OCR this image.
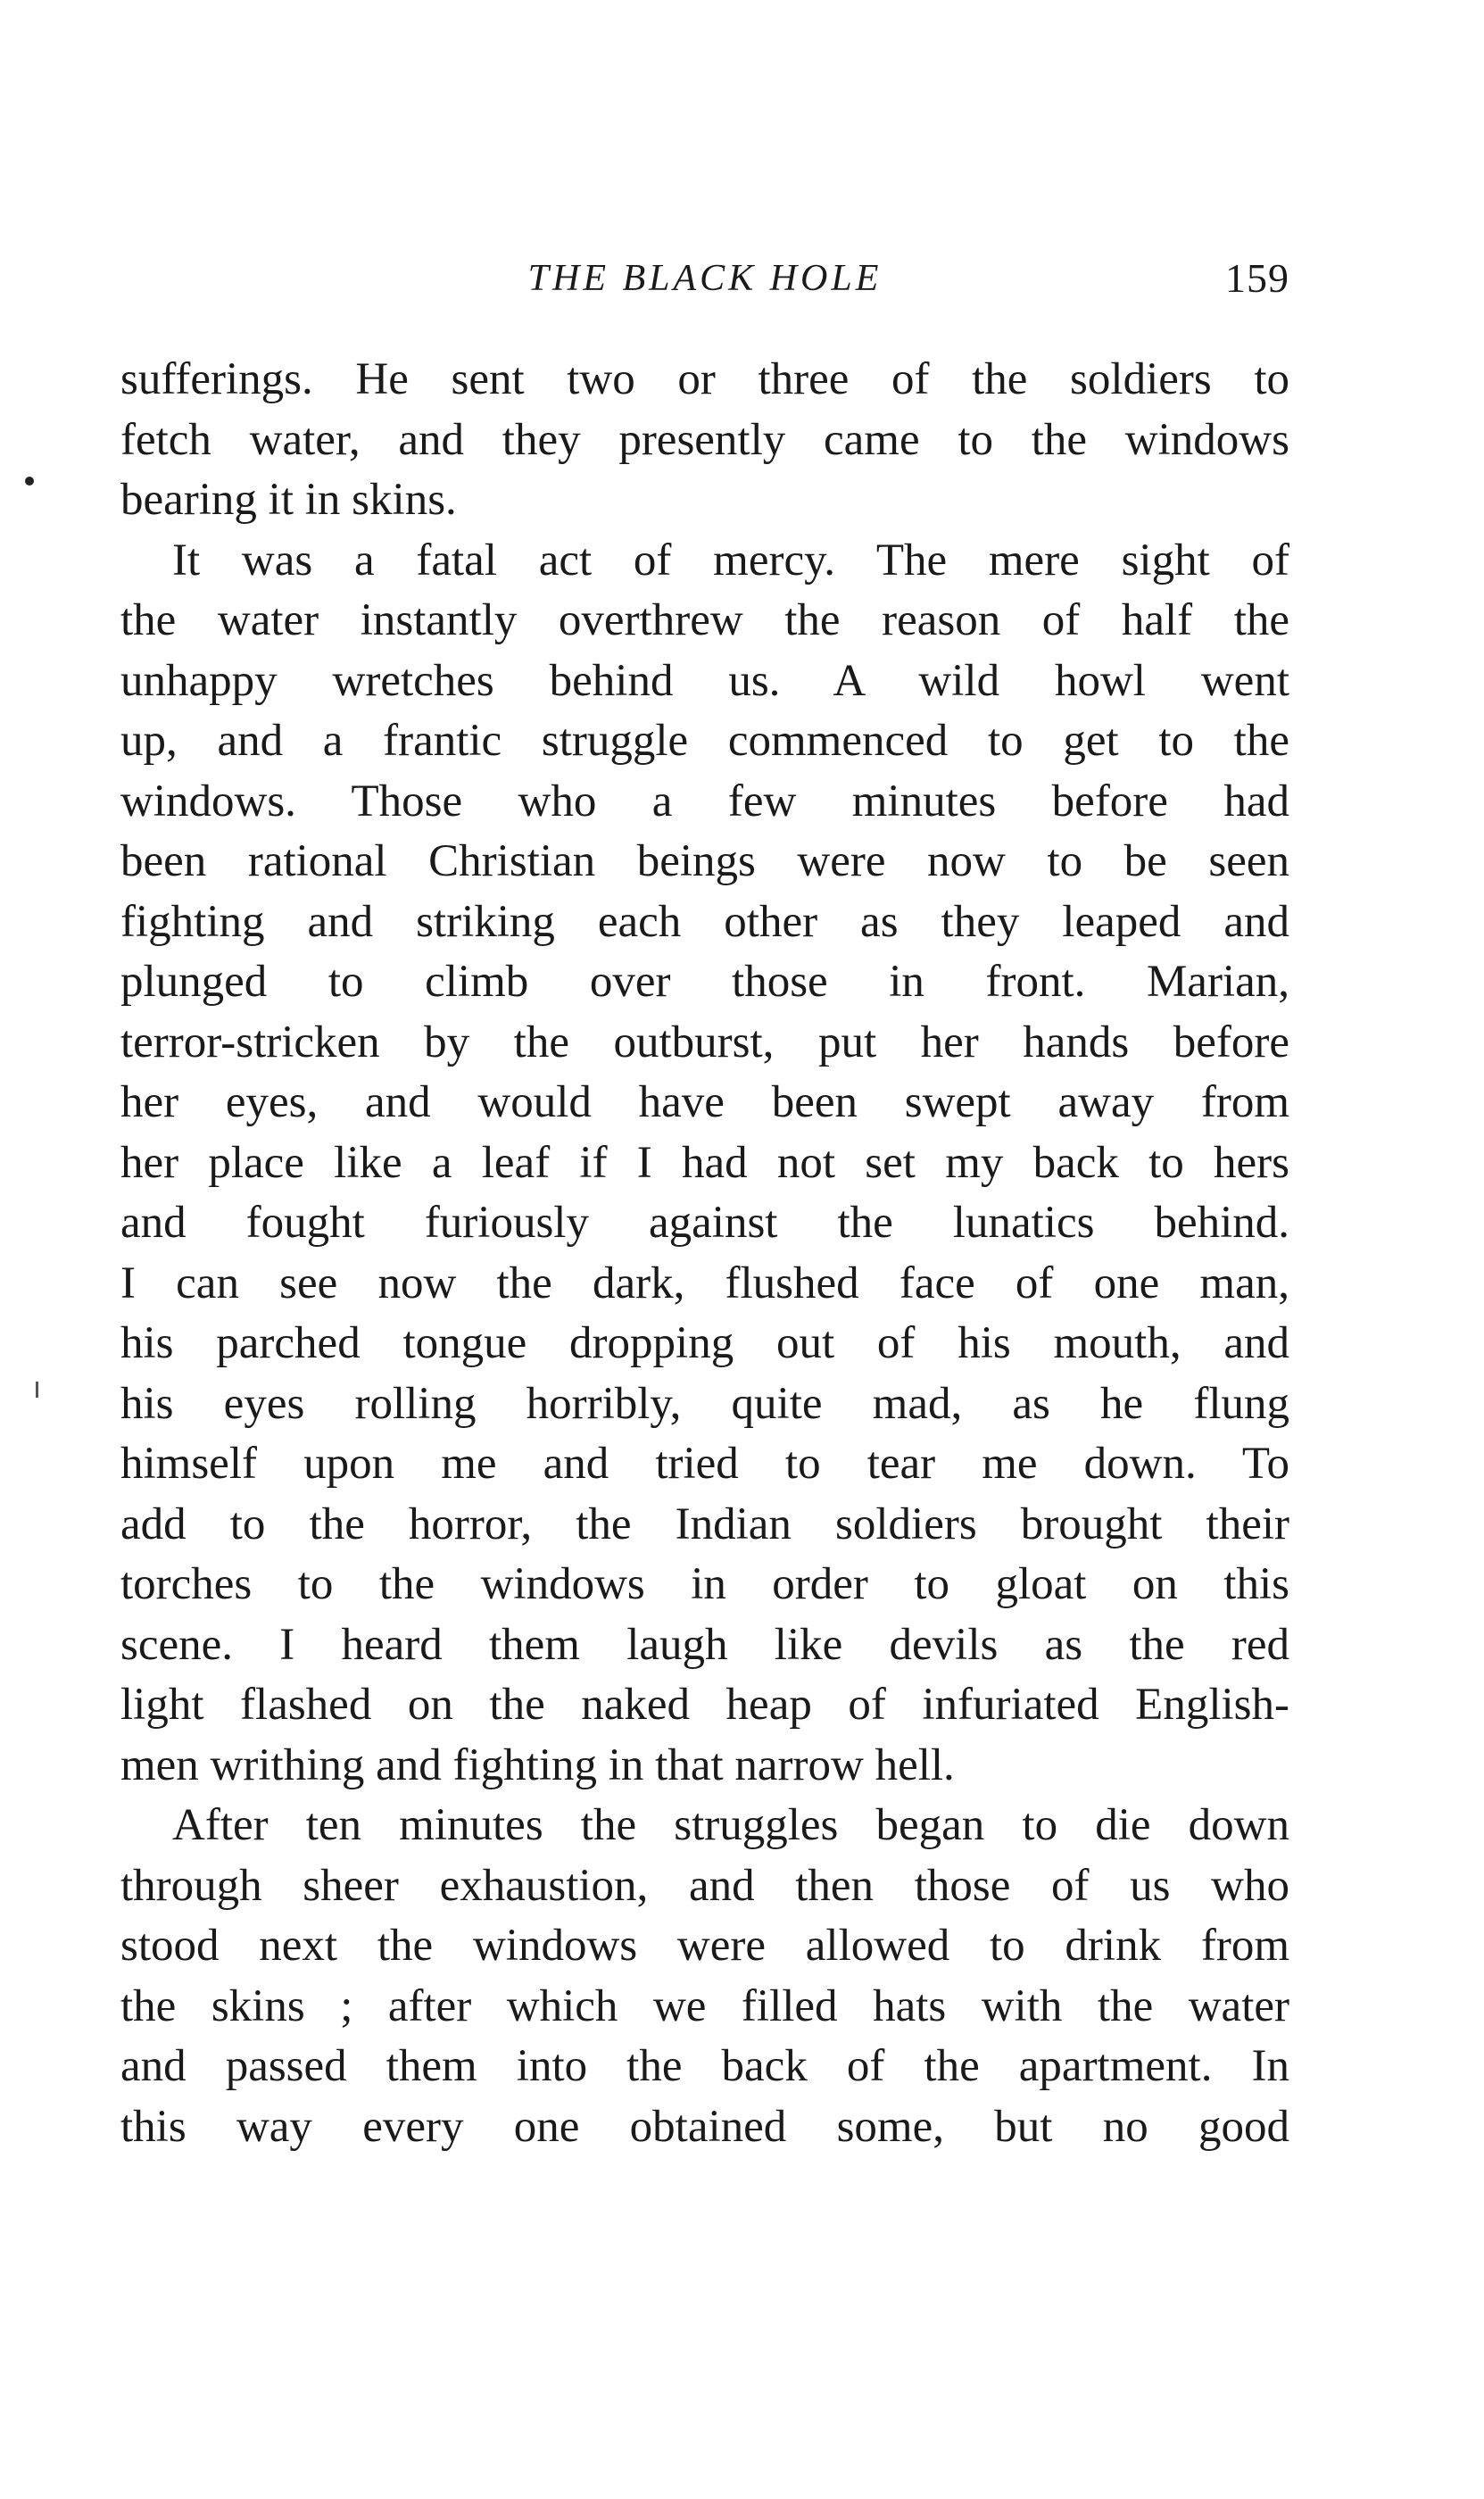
THE BLACK HOLE	159
sufferings. He sent two or three of the soldiers to
fetch water, and they presently came to the windows
bearing it in skins.
It was a fatal act of mercy. The mere sight of
the water instantly overthrew the reason of half the
unhappy wretches behind us. A wild howl went
up, and a frantic struggle commenced to get to the
windows. Those who a few minutes before had
been rational Christian beings were now to be seen
fighting and striking each other as they leaped and
plunged to climb over those in front. Marian,
terror-stricken by the outburst, put her hands before
her eyes, and would have been swept away from
her place like a leaf if I had not set my back to hers
and fought furiously against the lunatics behind.
I can see now the dark, flushed face of one man,
his parched tongue dropping out of his mouth, and
his eyes rolling horribly, quite mad, as he flung
himself upon me and tried to tear me down. To
add to the horror, the Indian soldiers brought their
torches to the windows in order to gloat on this
scene. I heard them laugh like devils as the red
light flashed on the naked heap of infuriated English-
men writhing and fighting in that narrow hell.
After ten minutes the struggles began to die down
through sheer exhaustion, and then those of us who
stood next the windows were allowed to drink from
the skins ; after which we filled hats with the water
and passed them into the back of the apartment. In
this way every one obtained some, but no good
